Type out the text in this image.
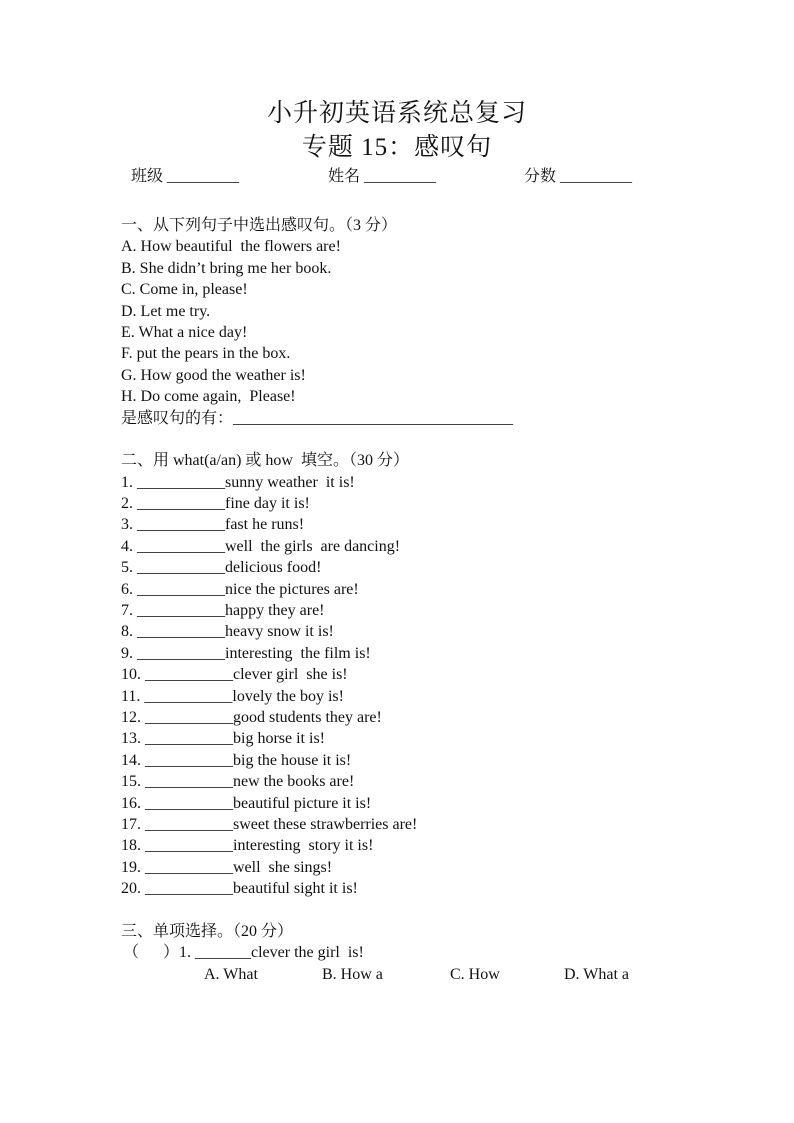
小升初英语系统总复习
专题 15：感叹句
班级 _________	姓名 _________	分数 _________
一、从下列句子中选出感叹句。（3 分）
A. How beautiful  the flowers are!
B. She didn’t bring me her book.
C. Come in, please!
D. Let me try.
E. What a nice day!
F. put the pears in the box.
G. How good the weather is!
H. Do come again,  Please!
是感叹句的有：___________________________________
二、用 what(a/an) 或 how  填空。（30 分）
1. ___________sunny weather  it is!
2. ___________fine day it is!
3. ___________fast he runs!
4. ___________well  the girls  are dancing!
5. ___________delicious food!
6. ___________nice the pictures are!
7. ___________happy they are!
8. ___________heavy snow it is!
9. ___________interesting  the film is!
10. ___________clever girl  she is!
11. ___________lovely the boy is!
12. ___________good students they are!
13. ___________big horse it is!
14. ___________big the house it is!
15. ___________new the books are!
16. ___________beautiful picture it is!
17. ___________sweet these strawberries are!
18. ___________interesting  story it is!
19. ___________well  she sings!
20. ___________beautiful sight it is!
三、单项选择。（20 分）
（      ）1. _______clever the girl  is!
A. What	B. How a	C. How	D. What a
